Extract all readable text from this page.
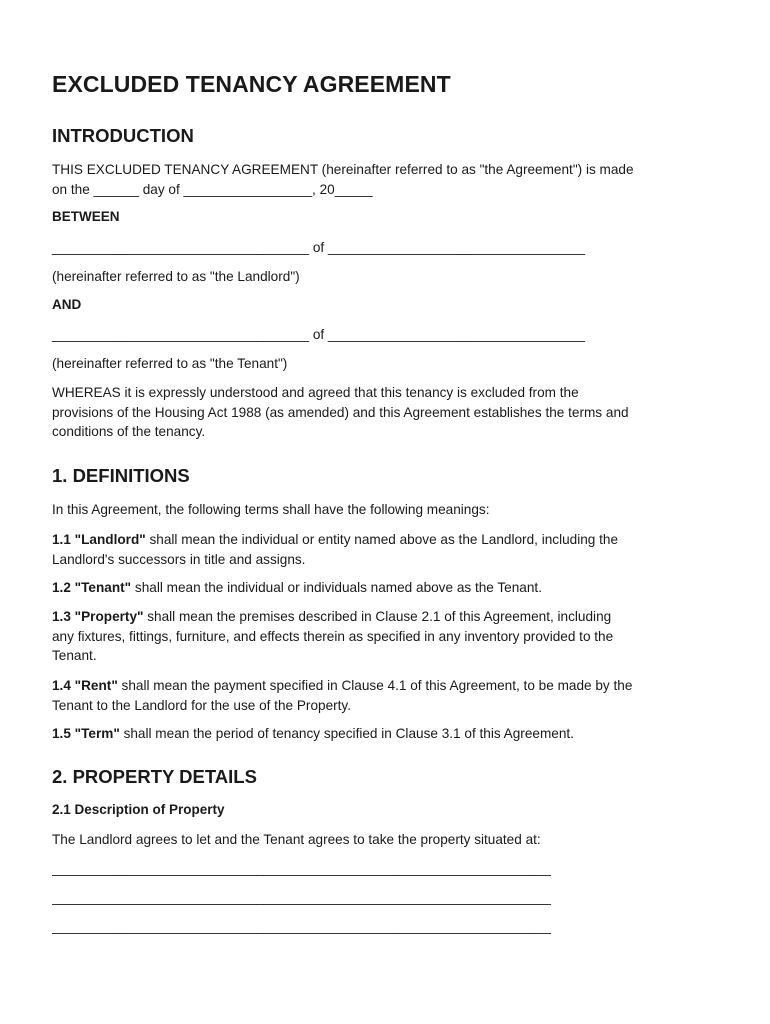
EXCLUDED TENANCY AGREEMENT
INTRODUCTION

THIS EXCLUDED TENANCY AGREEMENT (hereinafter referred to as "the Agreement") is made
on the ______ day of _________________, 20_____

BETWEEN

__________________________________ of __________________________________

(hereinafter referred to as "the Landlord")

AND

__________________________________ of __________________________________

(hereinafter referred to as "the Tenant")

WHEREAS it is expressly understood and agreed that this tenancy is excluded from the
provisions of the Housing Act 1988 (as amended) and this Agreement establishes the terms and
conditions of the tenancy.

1. DEFINITIONS

In this Agreement, the following terms shall have the following meanings:

1.1 "Landlord" shall mean the individual or entity named above as the Landlord, including the
Landlord's successors in title and assigns.

1.2 "Tenant" shall mean the individual or individuals named above as the Tenant.

1.3 "Property" shall mean the premises described in Clause 2.1 of this Agreement, including
any fixtures, fittings, furniture, and effects therein as specified in any inventory provided to the
Tenant.

1.4 "Rent" shall mean the payment specified in Clause 4.1 of this Agreement, to be made by the
Tenant to the Landlord for the use of the Property.

1.5 "Term" shall mean the period of tenancy specified in Clause 3.1 of this Agreement.

2. PROPERTY DETAILS

2.1 Description of Property

The Landlord agrees to let and the Tenant agrees to take the property situated at:

__________________________________________________________________

__________________________________________________________________

__________________________________________________________________
